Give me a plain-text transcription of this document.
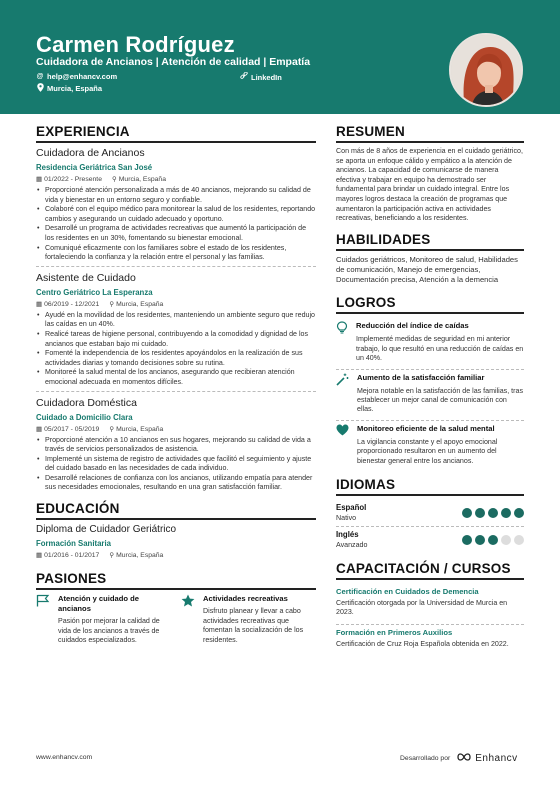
Carmen Rodríguez
Cuidadora de Ancianos | Atención de calidad | Empatía
@ help@enhancv.com	LinkedIn
Murcia, España
EXPERIENCIA
Cuidadora de Ancianos
Residencia Geriátrica San José
▦ 01/2022 - Presente ⚲ Murcia, España
• Proporcioné atención personalizada a más de 40 ancianos, mejorando su calidad de vida y bienestar en un entorno seguro y confiable.
• Colaboré con el equipo médico para monitorear la salud de los residentes, reportando cambios y asegurando un cuidado adecuado y oportuno.
• Desarrollé un programa de actividades recreativas que aumentó la participación de los residentes en un 30%, fomentando su bienestar emocional.
• Comuniqué eficazmente con los familiares sobre el estado de los residentes, fortaleciendo la confianza y la relación entre el personal y las familias.
Asistente de Cuidado
Centro Geriátrico La Esperanza
▦ 06/2019 - 12/2021 ⚲ Murcia, España
• Ayudé en la movilidad de los residentes, manteniendo un ambiente seguro que redujo las caídas en un 40%.
• Realicé tareas de higiene personal, contribuyendo a la comodidad y dignidad de los ancianos que estaban bajo mi cuidado.
• Fomenté la independencia de los residentes apoyándolos en la realización de sus actividades diarias y tomando decisiones sobre su rutina.
• Monitoreé la salud mental de los ancianos, asegurando que recibieran atención emocional adecuada en momentos difíciles.
Cuidadora Doméstica
Cuidado a Domicilio Clara
▦ 05/2017 - 05/2019 ⚲ Murcia, España
• Proporcioné atención a 10 ancianos en sus hogares, mejorando su calidad de vida a través de servicios personalizados de asistencia.
• Implementé un sistema de registro de actividades que facilitó el seguimiento y ajuste del cuidado basado en las necesidades de cada individuo.
• Desarrollé relaciones de confianza con los ancianos, utilizando empatía para atender sus necesidades emocionales, resultando en una gran satisfacción familiar.
EDUCACIÓN
Diploma de Cuidador Geriátrico
Formación Sanitaria
▦ 01/2016 - 01/2017 ⚲ Murcia, España
PASIONES
Atención y cuidado de ancianos
Pasión por mejorar la calidad de vida de los ancianos a través de cuidados especializados.
Actividades recreativas
Disfruto planear y llevar a cabo actividades recreativas que fomentan la socialización de los residentes.
RESUMEN
Con más de 8 años de experiencia en el cuidado geriátrico, se aporta un enfoque cálido y empático a la atención de ancianos. La capacidad de comunicarse de manera efectiva y trabajar en equipo ha demostrado ser fundamental para brindar un cuidado integral. Entre los mayores logros destaca la creación de programas que aumentaron la participación activa en actividades recreativas, beneficiando a los residentes.
HABILIDADES
Cuidados geriátricos, Monitoreo de salud, Habilidades de comunicación, Manejo de emergencias, Documentación precisa, Atención a la demencia
LOGROS
Reducción del índice de caídas
Implementé medidas de seguridad en mi anterior trabajo, lo que resultó en una reducción de caídas en un 40%.
Aumento de la satisfacción familiar
Mejora notable en la satisfacción de las familias, tras establecer un mejor canal de comunicación con ellas.
Monitoreo eficiente de la salud mental
La vigilancia constante y el apoyo emocional proporcionado resultaron en un aumento del bienestar general entre los ancianos.
IDIOMAS
Español
Nativo
Inglés
Avanzado
CAPACITACIÓN / CURSOS
Certificación en Cuidados de Demencia
Certificación otorgada por la Universidad de Murcia en 2023.
Formación en Primeros Auxilios
Certificación de Cruz Roja Española obtenida en 2022.
www.enhancv.com	Desarrollado por	Enhancv
